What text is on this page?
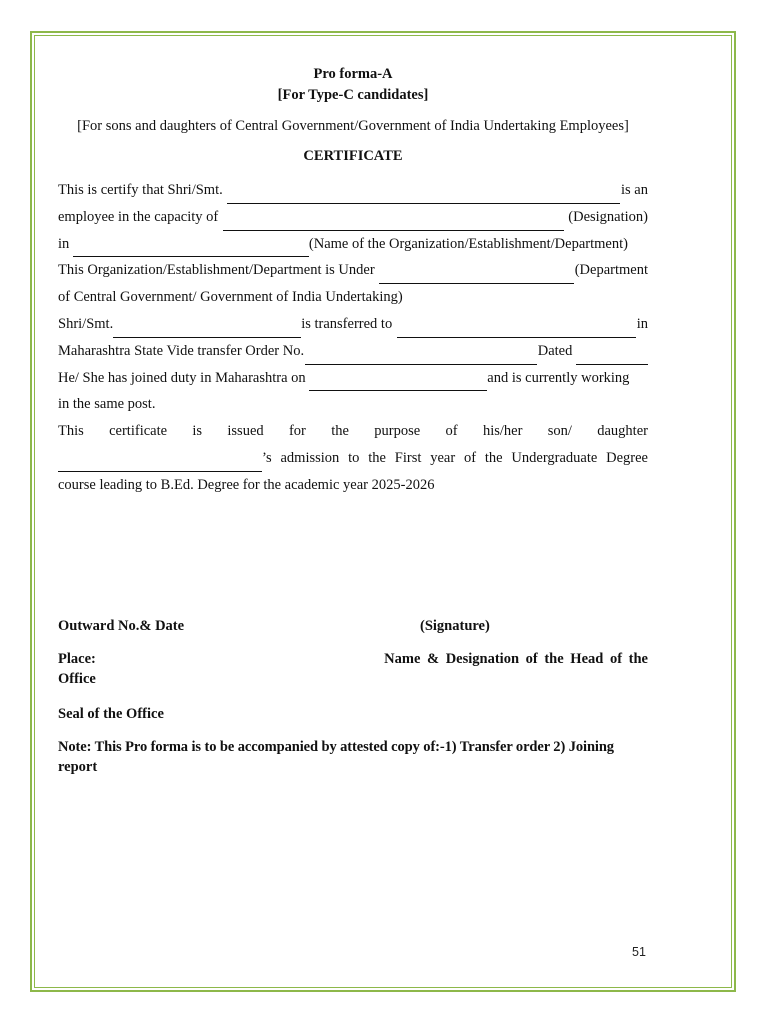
Pro forma-A
[For Type-C candidates]
[For sons and daughters of Central Government/Government of India Undertaking Employees]
CERTIFICATE
This is certify that Shri/Smt.
	is an
employee in the capacity of

	(Designation)
in
	(Name of the Organization/Establishment/Department)
This Organization/Establishment/Department is Under
	(Department
of Central Government/ Government of India Undertaking)
Shri/Smt.	is transferred to
	in
Maharashtra State Vide transfer Order No.	Dated

He/ She has joined duty in Maharashtra on
	and is currently working
in the same post.
This certificate is issued for the purpose of his/her son/ daughter
’s admission to the First year of the Undergraduate Degree
course leading to B.Ed. Degree for the academic year 2025-2026
Outward No.& Date	(Signature)
Place:	Name & Designation of the Head of the
Office
Seal of the Office
Note: This Pro forma is to be accompanied by attested copy of:-1) Transfer order 2) Joining
report
51
